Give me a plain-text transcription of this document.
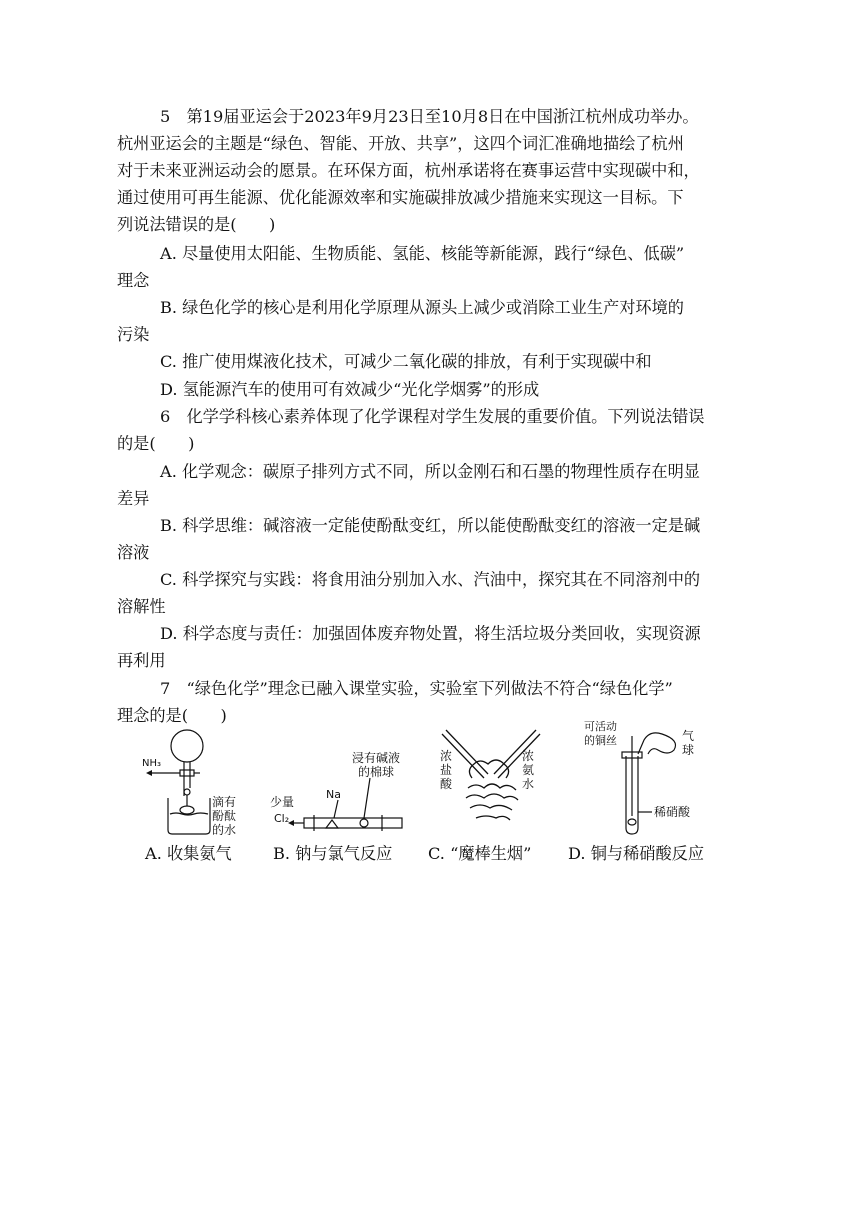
5　第19届亚运会于2023年9月23日至10月8日在中国浙江杭州成功举办。

杭州亚运会的主题是“绿色、智能、开放、共享”，这四个词汇准确地描绘了杭州

对于未来亚洲运动会的愿景。在环保方面，杭州承诺将在赛事运营中实现碳中和，

通过使用可再生能源、优化能源效率和实施碳排放减少措施来实现这一目标。下

列说法错误的是(　　)

A. 尽量使用太阳能、生物质能、氢能、核能等新能源，践行“绿色、低碳”

理念

B. 绿色化学的核心是利用化学原理从源头上减少或消除工业生产对环境的

污染

C. 推广使用煤液化技术，可减少二氧化碳的排放，有利于实现碳中和

D. 氢能源汽车的使用可有效减少“光化学烟雾”的形成

6　化学学科核心素养体现了化学课程对学生发展的重要价值。下列说法错误

的是(　　)

A. 化学观念：碳原子排列方式不同，所以金刚石和石墨的物理性质存在明显

差异

B. 科学思维：碱溶液一定能使酚酞变红，所以能使酚酞变红的溶液一定是碱

溶液

C. 科学探究与实践：将食用油分别加入水、汽油中，探究其在不同溶剂中的

溶解性

D. 科学态度与责任：加强固体废弃物处置，将生活垃圾分类回收，实现资源

再利用

7　“绿色化学”理念已融入课堂实验，实验室下列做法不符合“绿色化学”

理念的是(　　)

NH₃
滴有
酚酞
的水
少量
Cl₂
Na
浸有碱液
的棉球
浓
盐
酸
浓
氨
水
可活动
的铜丝	气
球
稀硝酸
A. 收集氨气	B. 钠与氯气反应 C. “魔棒生烟” D. 铜与稀硝酸反应
